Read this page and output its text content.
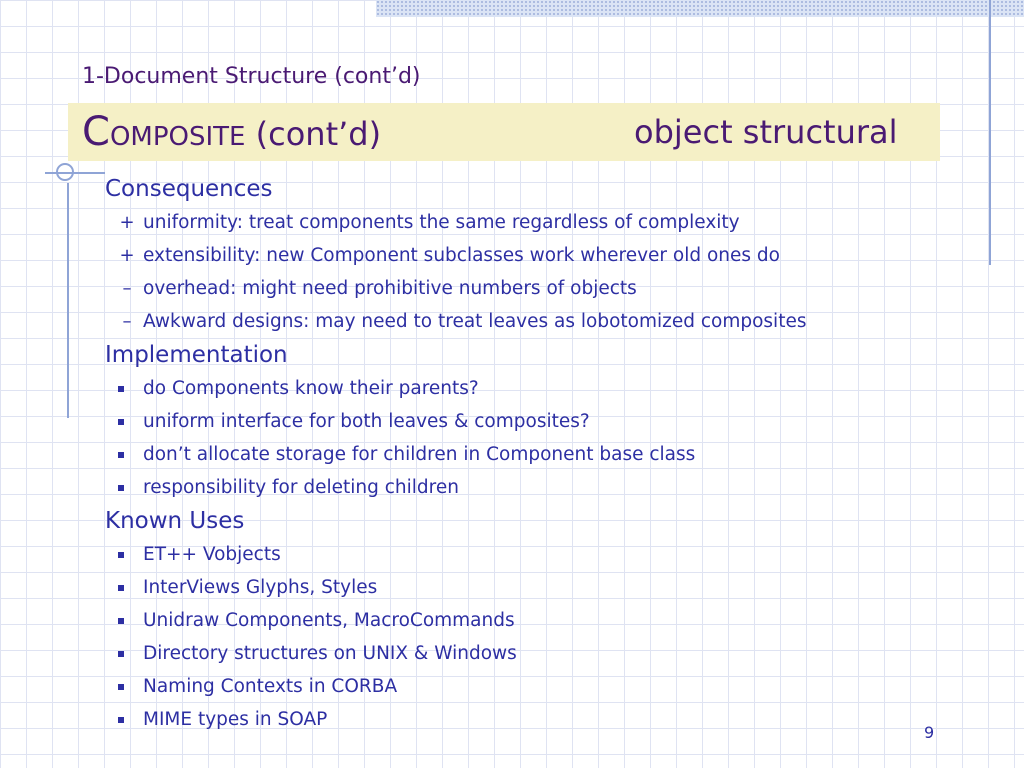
1-Document Structure (cont’d)
COMPOSITE (cont’d)	object structural
Consequences
+ uniformity: treat components the same regardless of complexity
+ extensibility: new Component subclasses work wherever old ones do
– overhead: might need prohibitive numbers of objects
– Awkward designs: may need to treat leaves as lobotomized composites
Implementation
do Components know their parents?
uniform interface for both leaves & composites?
don’t allocate storage for children in Component base class
responsibility for deleting children
Known Uses
ET++ Vobjects
InterViews Glyphs, Styles
Unidraw Components, MacroCommands
Directory structures on UNIX & Windows
Naming Contexts in CORBA
MIME types in SOAP
9
